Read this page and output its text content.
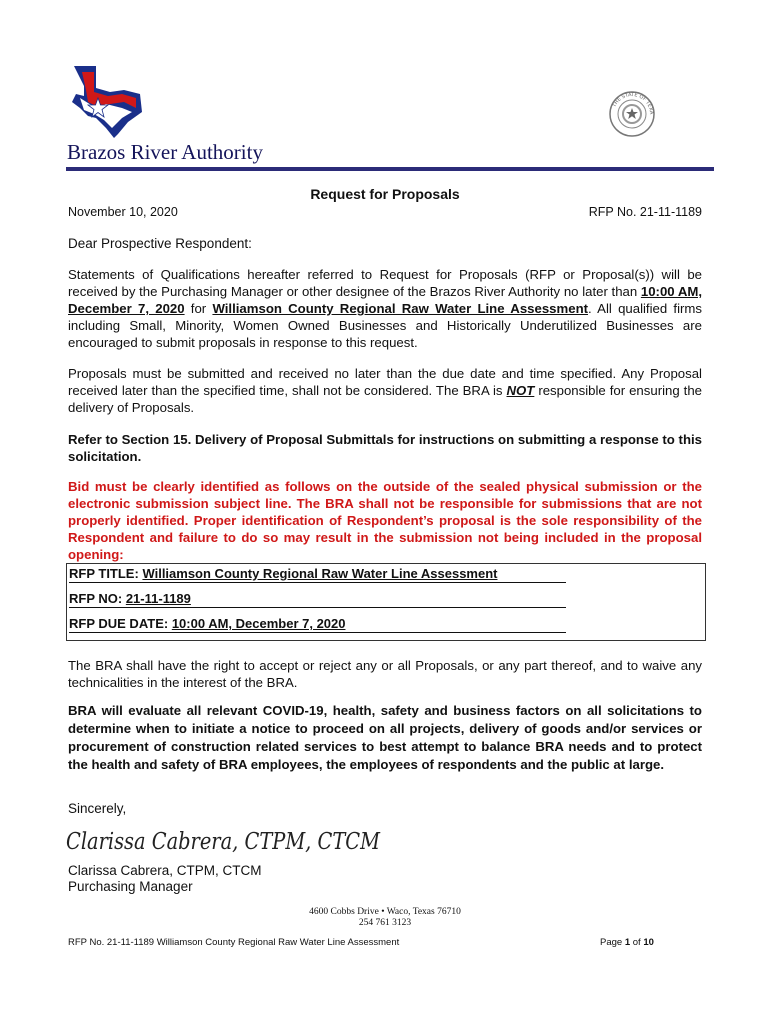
THE STATE OF TEXA
Brazos River Authority
Request for Proposals
November 10, 2020	RFP No. 21-11-1189
Dear Prospective Respondent:
Statements of Qualifications hereafter referred to Request for Proposals (RFP or Proposal(s)) will be received by the Purchasing Manager or other designee of the Brazos River Authority no later than 10:00 AM, December 7, 2020 for Williamson County Regional Raw Water Line Assessment. All qualified firms including Small, Minority, Women Owned Businesses and Historically Underutilized Businesses are encouraged to submit proposals in response to this request.
Proposals must be submitted and received no later than the due date and time specified. Any Proposal received later than the specified time, shall not be considered. The BRA is NOT responsible for ensuring the delivery of Proposals.
Refer to Section 15. Delivery of Proposal Submittals for instructions on submitting a response to this solicitation.
Bid must be clearly identified as follows on the outside of the sealed physical submission or the electronic submission subject line. The BRA shall not be responsible for submissions that are not properly identified. Proper identification of Respondent’s proposal is the sole responsibility of the Respondent and failure to do so may result in the submission not being included in the proposal opening:
RFP TITLE: Williamson County Regional Raw Water Line Assessment
RFP NO: 21-11-1189
RFP DUE DATE: 10:00 AM, December 7, 2020
The BRA shall have the right to accept or reject any or all Proposals, or any part thereof, and to waive any technicalities in the interest of the BRA.
BRA will evaluate all relevant COVID-19, health, safety and business factors on all solicitations to determine when to initiate a notice to proceed on all projects, delivery of goods and/or services or procurement of construction related services to best attempt to balance BRA needs and to protect the health and safety of BRA employees, the employees of respondents and the public at large.
Sincerely,
Clarissa Cabrera, CTPM, CTCM
Clarissa Cabrera, CTPM, CTCM
Purchasing Manager
4600 Cobbs Drive • Waco, Texas 76710
254 761 3123
RFP No. 21-11-1189 Williamson County Regional Raw Water Line Assessment	Page 1 of 10
